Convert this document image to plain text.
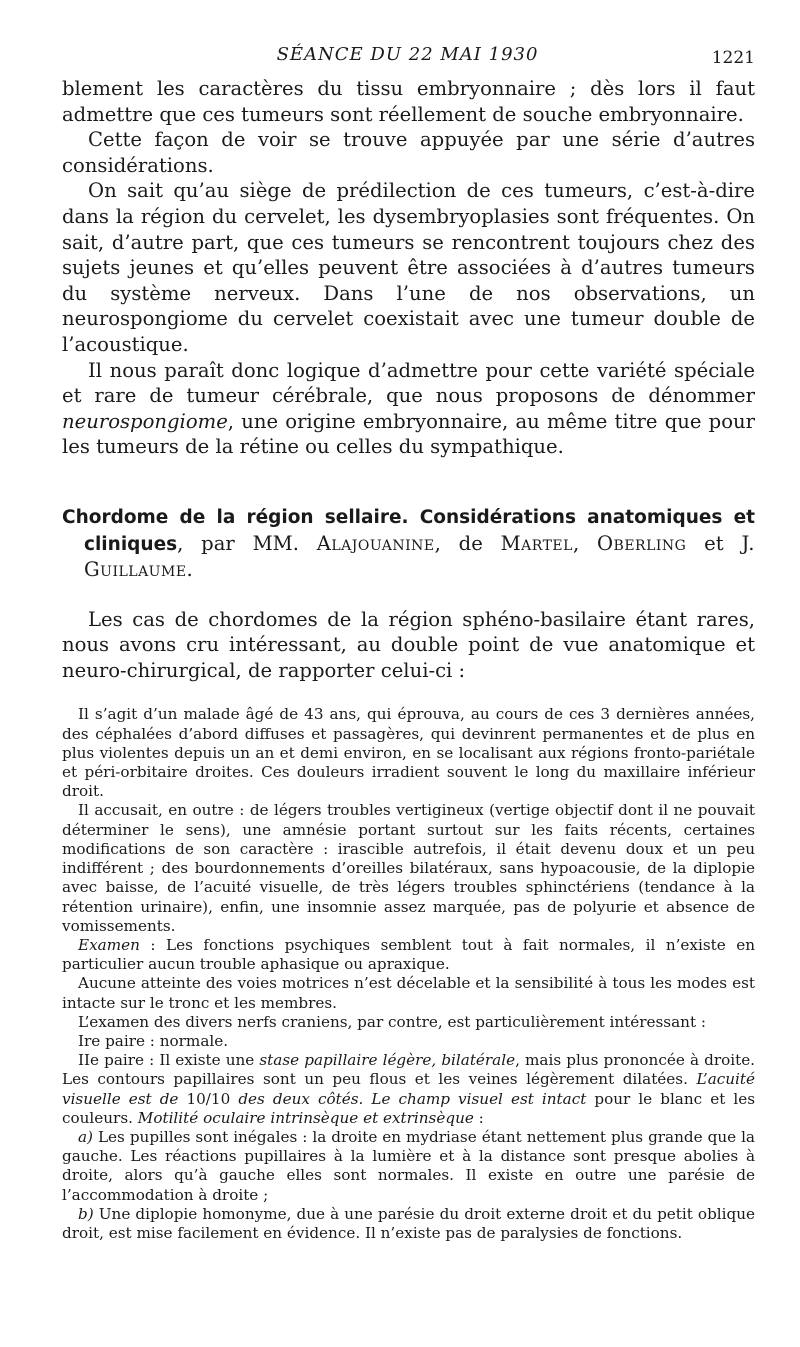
SÉANCE DU 22 MAI 1930	1221

blement les caractères du tissu embryonnaire ; dès lors il faut admettre que ces tumeurs sont réellement de souche embryonnaire.

Cette façon de voir se trouve appuyée par une série d’autres considérations.

On sait qu’au siège de prédilection de ces tumeurs, c’est-à-dire dans la région du cervelet, les dysembryoplasies sont fréquentes. On sait, d’autre part, que ces tumeurs se rencontrent toujours chez des sujets jeunes et qu’elles peuvent être associées à d’autres tumeurs du système nerveux. Dans l’une de nos observations, un neurospongiome du cervelet coexistait avec une tumeur double de l’acoustique.

Il nous paraît donc logique d’admettre pour cette variété spéciale et rare de tumeur cérébrale, que nous proposons de dénommer neurospongiome, une origine embryonnaire, au même titre que pour les tumeurs de la rétine ou celles du sympathique.

Chordome de la région sellaire. Considérations anatomiques et cliniques, par MM. Alajouanine, de Martel, Oberling et J. Guillaume.

Les cas de chordomes de la région sphéno-basilaire étant rares, nous avons cru intéressant, au double point de vue anatomique et neuro-chirurgical, de rapporter celui-ci :

Il s’agit d’un malade âgé de 43 ans, qui éprouva, au cours de ces 3 dernières années, des céphalées d’abord diffuses et passagères, qui devinrent permanentes et de plus en plus violentes depuis un an et demi environ, en se localisant aux régions fronto-pariétale et péri-orbitaire droites. Ces douleurs irradient souvent le long du maxillaire inférieur droit.

Il accusait, en outre : de légers troubles vertigineux (vertige objectif dont il ne pouvait déterminer le sens), une amnésie portant surtout sur les faits récents, certaines modifications de son caractère : irascible autrefois, il était devenu doux et un peu indifférent ; des bourdonnements d’oreilles bilatéraux, sans hypoacousie, de la diplopie avec baisse, de l’acuité visuelle, de très légers troubles sphinctériens (tendance à la rétention urinaire), enfin, une insomnie assez marquée, pas de polyurie et absence de vomissements.

Examen : Les fonctions psychiques semblent tout à fait normales, il n’existe en particulier aucun trouble aphasique ou apraxique.

Aucune atteinte des voies motrices n’est décelable et la sensibilité à tous les modes est intacte sur le tronc et les membres.

L’examen des divers nerfs craniens, par contre, est particulièrement intéressant :

Ire paire : normale.

IIe paire : Il existe une stase papillaire légère, bilatérale, mais plus prononcée à droite. Les contours papillaires sont un peu flous et les veines légèrement dilatées. L’acuité visuelle est de 10/10 des deux côtés. Le champ visuel est intact pour le blanc et les couleurs. Motilité oculaire intrinsèque et extrinsèque :

a) Les pupilles sont inégales : la droite en mydriase étant nettement plus grande que la gauche. Les réactions pupillaires à la lumière et à la distance sont presque abolies à droite, alors qu’à gauche elles sont normales. Il existe en outre une parésie de l’accommodation à droite ;

b) Une diplopie homonyme, due à une parésie du droit externe droit et du petit oblique droit, est mise facilement en évidence. Il n’existe pas de paralysies de fonctions.
